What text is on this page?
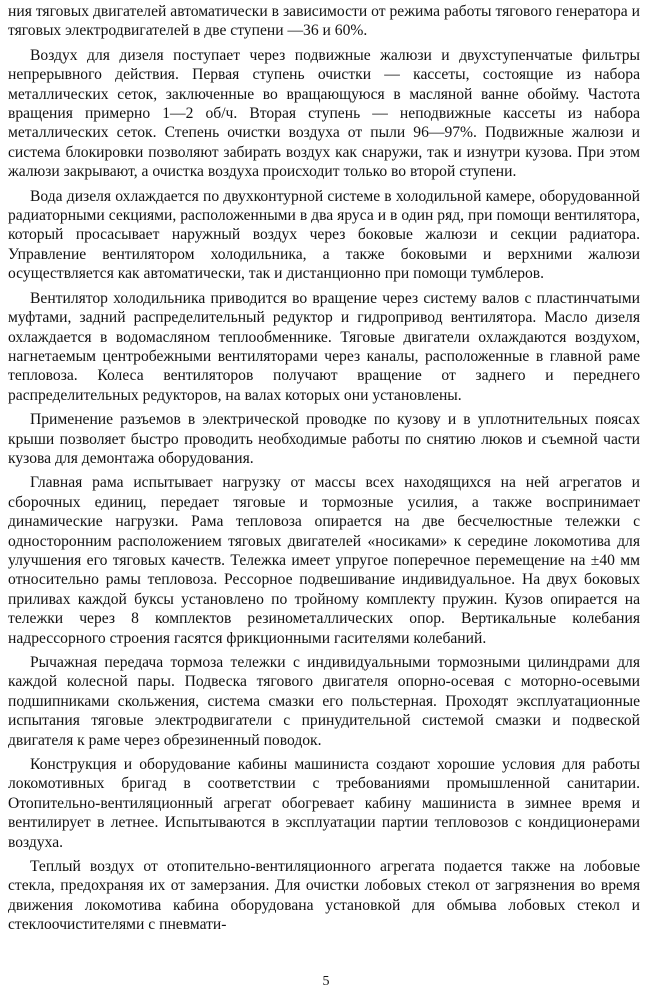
ния тяговых двигателей автоматически в зависимости от режима работы тягового генератора и тяговых электродвигателей в две ступени —36 и 60%.

Воздух для дизеля поступает через подвижные жалюзи и двухступенчатые фильтры непрерывного действия. Первая ступень очистки — кассеты, состоящие из набора металлических сеток, заключенные во вращающуюся в масляной ванне обойму. Частота вращения примерно 1—2 об/ч. Вторая ступень — неподвижные кассеты из набора металлических сеток. Степень очистки воздуха от пыли 96—97%. Подвижные жалюзи и система блокировки позволяют забирать воздух как снаружи, так и изнутри кузова. При этом жалюзи закрывают, а очистка воздуха происходит только во второй ступени.

Вода дизеля охлаждается по двухконтурной системе в холодильной камере, оборудованной радиаторными секциями, расположенными в два яруса и в один ряд, при помощи вентилятора, который просасывает наружный воздух через боковые жалюзи и секции радиатора. Управление вентилятором холодильника, а также боковыми и верхними жалюзи осуществляется как автоматически, так и дистанционно при помощи тумблеров.

Вентилятор холодильника приводится во вращение через систему валов с пластинчатыми муфтами, задний распределительный редуктор и гидропривод вентилятора. Масло дизеля охлаждается в водомасляном теплообменнике. Тяговые двигатели охлаждаются воздухом, нагнетаемым центробежными вентиляторами через каналы, расположенные в главной раме тепловоза. Колеса вентиляторов получают вращение от заднего и переднего распределительных редукторов, на валах которых они установлены.

Применение разъемов в электрической проводке по кузову и в уплотнительных поясах крыши позволяет быстро проводить необходимые работы по снятию люков и съемной части кузова для демонтажа оборудования.

Главная рама испытывает нагрузку от массы всех находящихся на ней агрегатов и сборочных единиц, передает тяговые и тормозные усилия, а также воспринимает динамические нагрузки. Рама тепловоза опирается на две бесчелюстные тележки с односторонним расположением тяговых двигателей «носиками» к середине локомотива для улучшения его тяговых качеств. Тележка имеет упругое поперечное перемещение на ±40 мм относительно рамы тепловоза. Рессорное подвешивание индивидуальное. На двух боковых приливах каждой буксы установлено по тройному комплекту пружин. Кузов опирается на тележки через 8 комплектов резинометаллических опор. Вертикальные колебания надрессорного строения гасятся фрикционными гасителями колебаний.

Рычажная передача тормоза тележки с индивидуальными тормозными цилиндрами для каждой колесной пары. Подвеска тягового двигателя опорно-осевая с моторно-осевыми подшипниками скольжения, система смазки его польстерная. Проходят эксплуатационные испытания тяговые электродвигатели с принудительной системой смазки и подвеской двигателя к раме через обрезиненный поводок.

Конструкция и оборудование кабины машиниста создают хорошие условия для работы локомотивных бригад в соответствии с требованиями промышленной санитарии. Отопительно-вентиляционный агрегат обогревает кабину машиниста в зимнее время и вентилирует в летнее. Испытываются в эксплуатации партии тепловозов с кондиционерами воздуха.

Теплый воздух от отопительно-вентиляционного агрегата подается также на лобовые стекла, предохраняя их от замерзания. Для очистки лобовых стекол от загрязнения во время движения локомотива кабина оборудована установкой для обмыва лобовых стекол и стеклоочистителями с пневмати-

5
